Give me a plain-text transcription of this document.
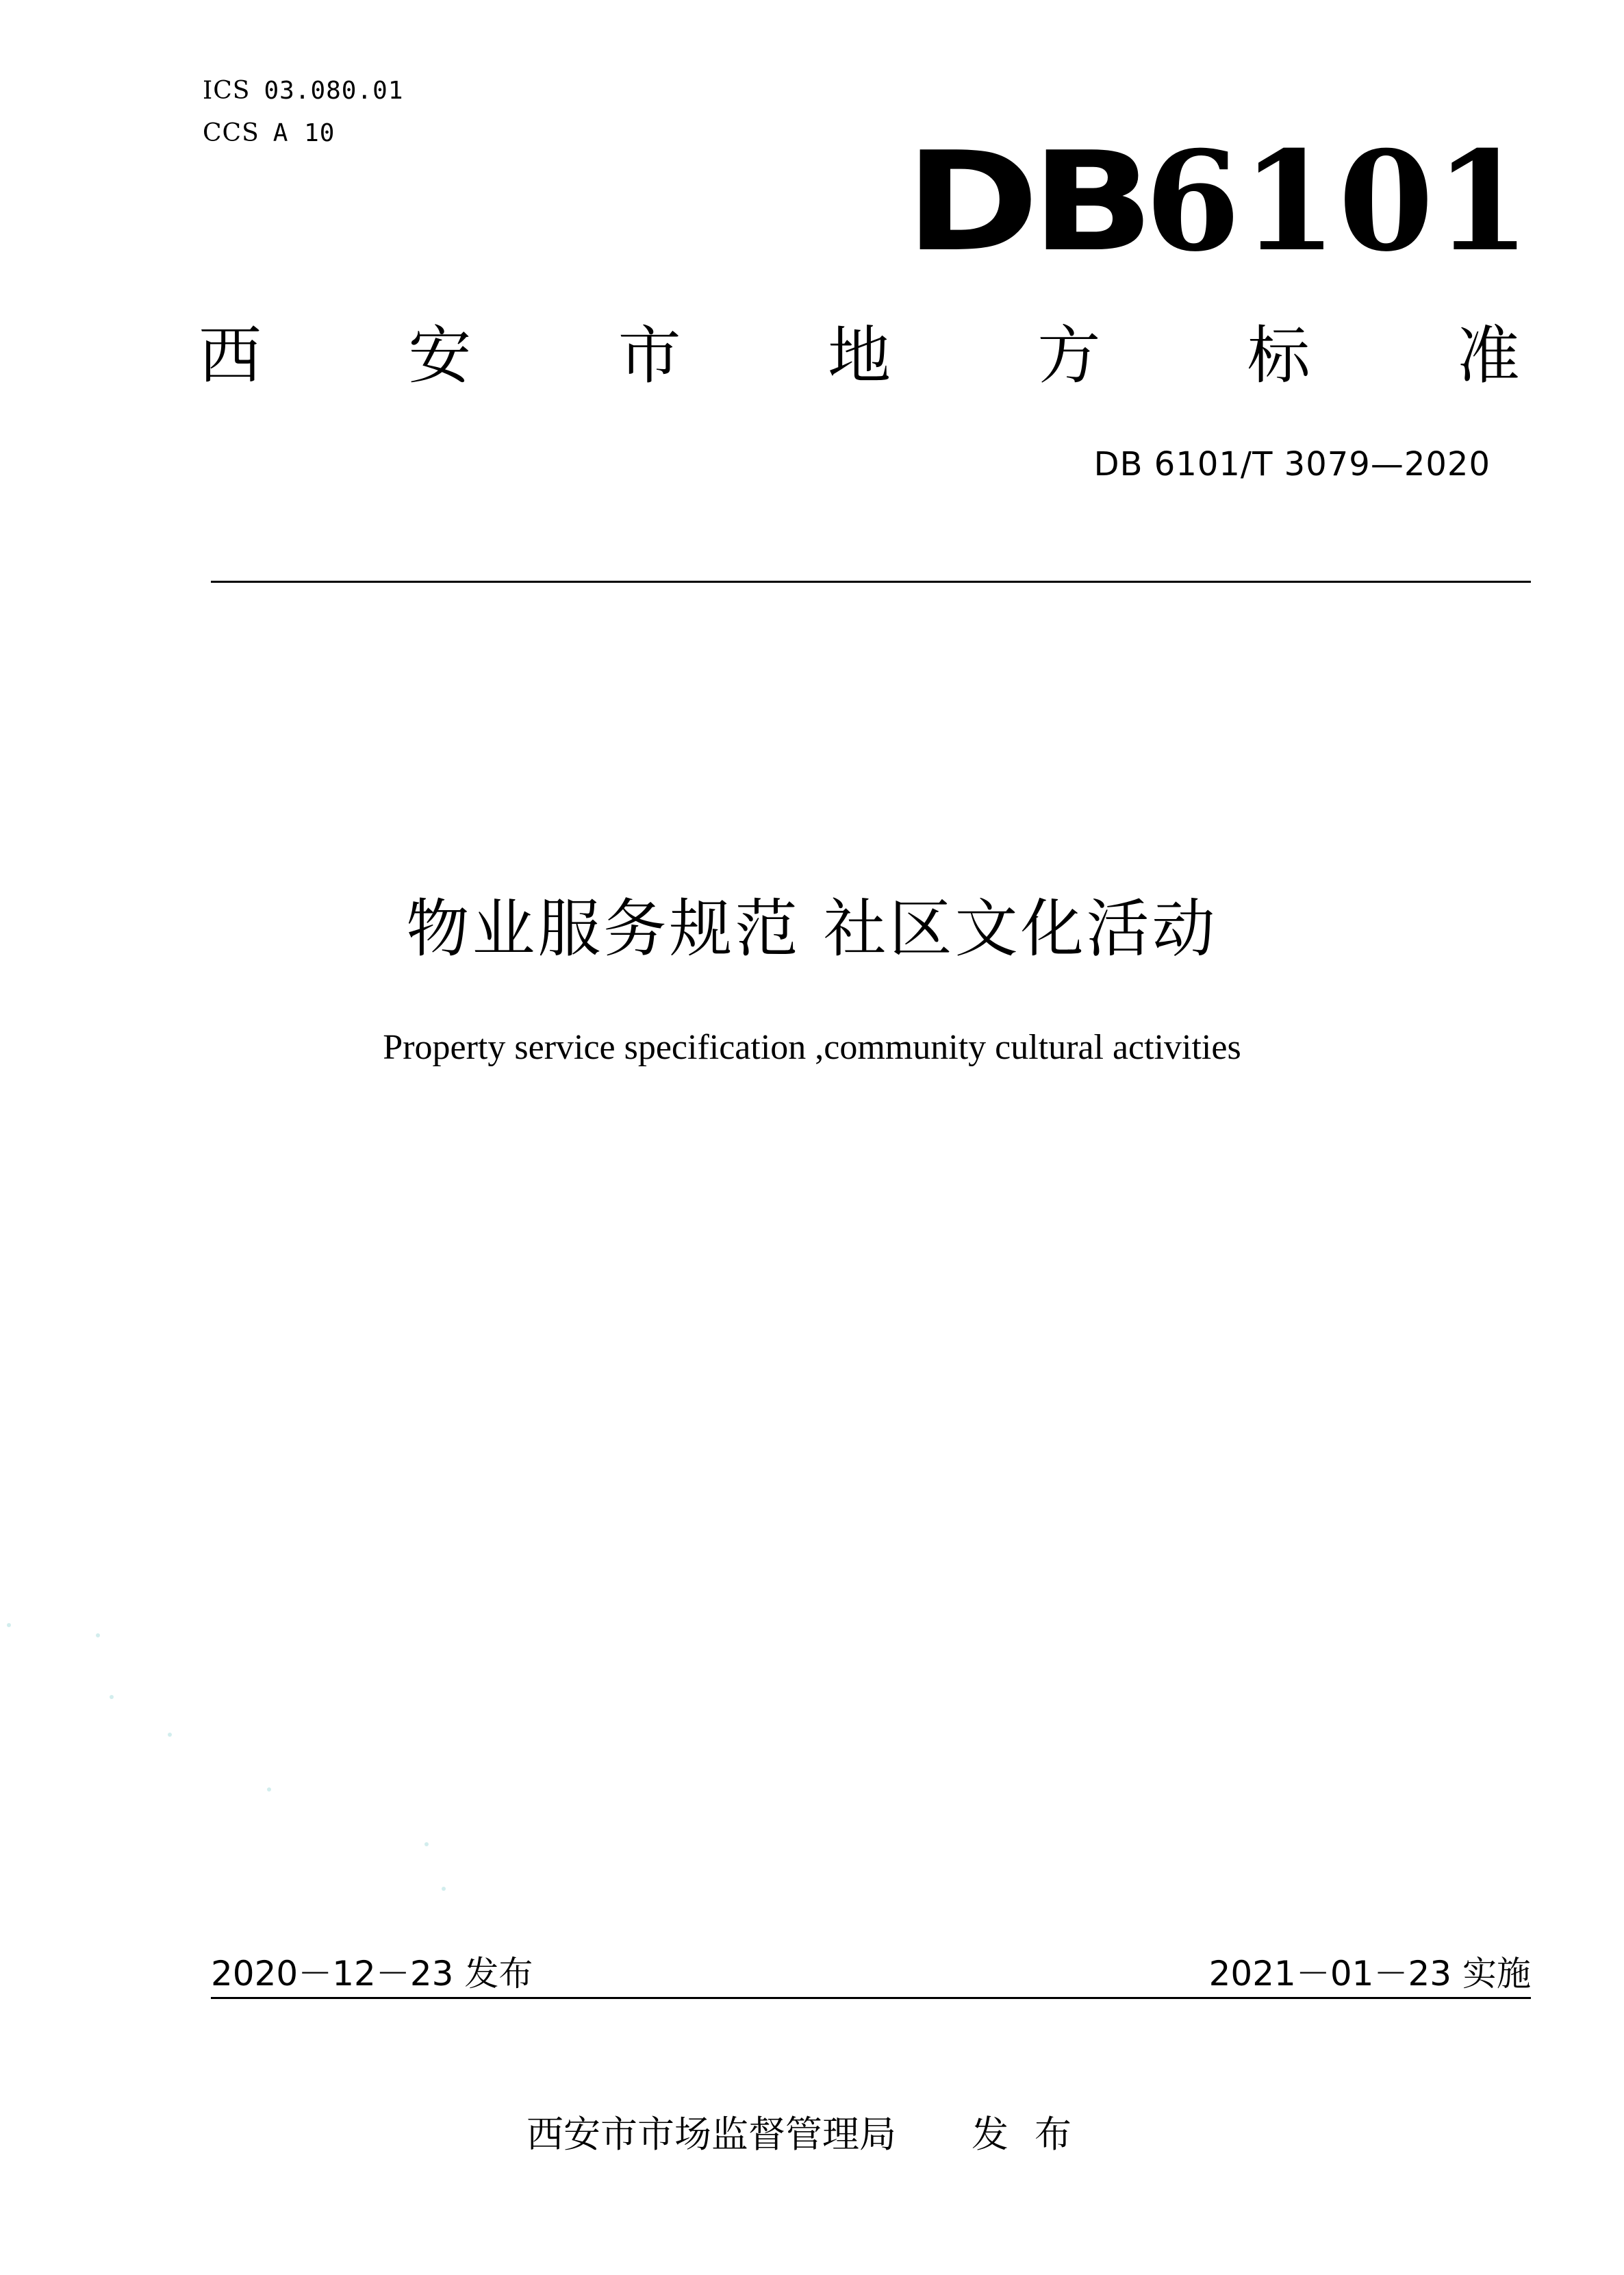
ICS 03.080.01
CCS A 10	DB6101
西 安 市 地 方 标 准
DB 6101/T 3079—2020
物业服务规范 社区文化活动
Property service specification ,community cultural activities
2020－12－23 发布	2021－01－23 实施
西安市市场监督管理局 发布
